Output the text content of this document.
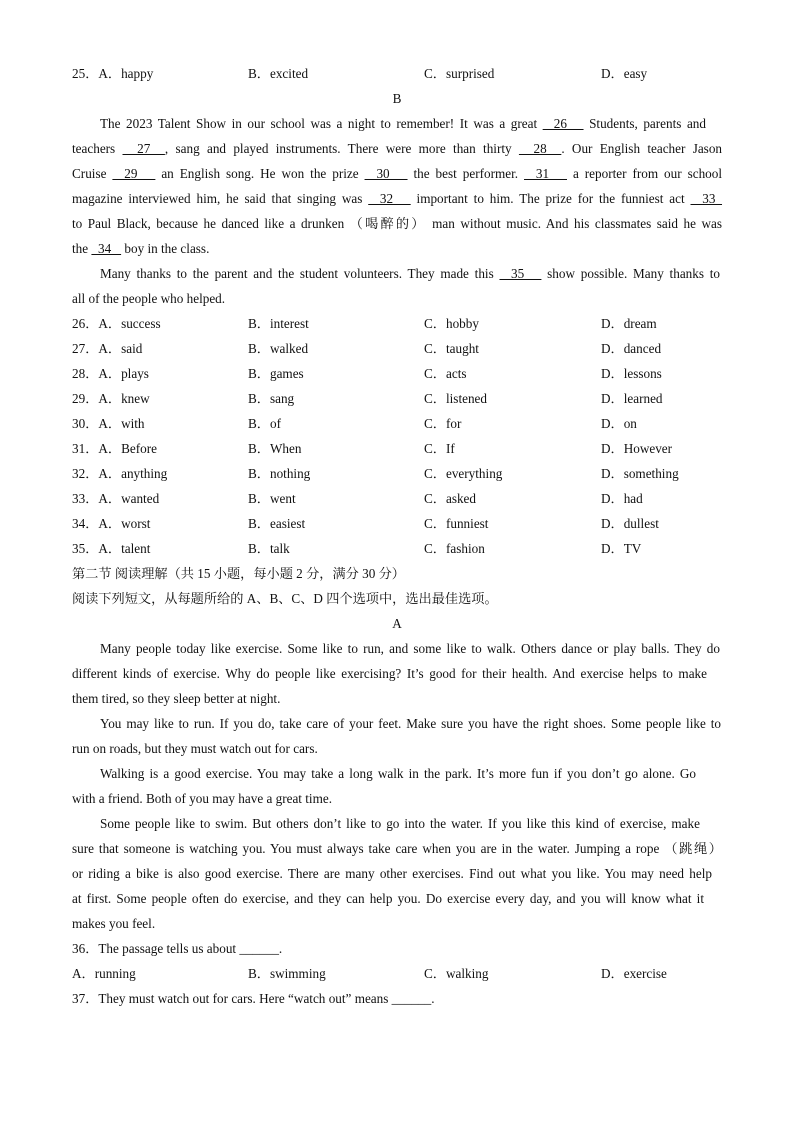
25．A．happy	B．excited	C．surprised	D．easy
B
The 2023 Talent Show in our school was a night to remember! It was a great   26    Students, parents and
teachers   27  , sang and played instruments. There were more than thirty   28  . Our English teacher Jason
Cruise   29    an English song. He won the prize   30    the best performer.   31    a reporter from our school
magazine interviewed him, he said that singing was   32    important to him. The prize for the funniest act   33
to Paul Black, because he danced like a drunken （喝醉的） man without music. And his classmates said he was
the   34    boy in the class.
Many thanks to the parent and the student volunteers. They made this   35    show possible. Many thanks to
all of the people who helped.
26．A．success	B．interest	C．hobby	D．dream
27．A．said	B．walked	C．taught	D．danced
28．A．plays	B．games	C．acts	D．lessons
29．A．knew	B．sang	C．listened	D．learned
30．A．with	B．of	C．for	D．on
31．A．Before	B．When	C．If	D．However
32．A．anything	B．nothing	C．everything	D．something
33．A．wanted	B．went	C．asked	D．had
34．A．worst	B．easiest	C．funniest	D．dullest
35．A．talent	B．talk	C．fashion	D．TV
第二节 阅读理解（共 15 小题，每小题 2 分，满分 30 分）
阅读下列短文，从每题所给的 A、B、C、D 四个选项中，选出最佳选项。
A
Many people today like exercise. Some like to run, and some like to walk. Others dance or play balls. They do
different kinds of exercise. Why do people like exercising? It’s good for their health. And exercise helps to make
them tired, so they sleep better at night.
You may like to run. If you do, take care of your feet. Make sure you have the right shoes. Some people like to
run on roads, but they must watch out for cars.
Walking is a good exercise. You may take a long walk in the park. It’s more fun if you don’t go alone. Go
with a friend. Both of you may have a great time.
Some people like to swim. But others don’t like to go into the water. If you like this kind of exercise, make
sure that someone is watching you. You must always take care when you are in the water. Jumping a rope （跳绳）
or riding a bike is also good exercise. There are many other exercises. Find out what you like. You may need help
at first. Some people often do exercise, and they can help you. Do exercise every day, and you will know what it
makes you feel.
36．The passage tells us about ______.
A．running	B．swimming	C．walking	D．exercise
37．They must watch out for cars. Here “watch out” means ______.
